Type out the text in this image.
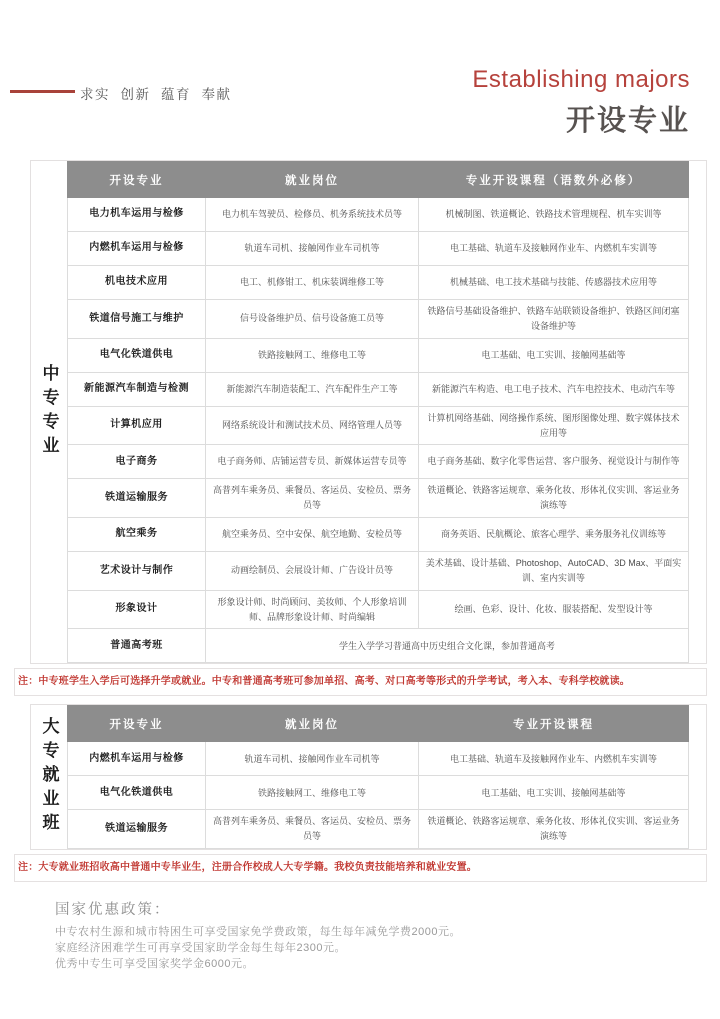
求实  创新  蕴育  奉献
Establishing majors
开设专业
中专专业
开设专业	就业岗位	专业开设课程（语数外必修）
电力机车运用与检修	电力机车驾驶员、检修员、机务系统技术员等	机械制图、铁道概论、铁路技术管理规程、机车实训等
内燃机车运用与检修	轨道车司机、接触网作业车司机等	电工基础、轨道车及接触网作业车、内燃机车实训等
机电技术应用	电工、机修钳工、机床装调维修工等	机械基础、电工技术基础与技能、传感器技术应用等
铁道信号施工与维护	信号设备维护员、信号设备施工员等	铁路信号基础设备维护、铁路车站联锁设备维护、铁路区间闭塞设备维护等
电气化铁道供电	铁路接触网工、维修电工等	电工基础、电工实训、接触网基础等
新能源汽车制造与检测	新能源汽车制造装配工、汽车配件生产工等	新能源汽车构造、电工电子技术、汽车电控技术、电动汽车等
计算机应用	网络系统设计和测试技术员、网络管理人员等	计算机网络基础、网络操作系统、图形图像处理、数字媒体技术应用等
电子商务	电子商务师、店铺运营专员、新媒体运营专员等	电子商务基础、数字化零售运营、客户服务、视觉设计与制作等
铁道运输服务	高普列车乘务员、乘餐员、客运员、安检员、票务员等	铁道概论、铁路客运规章、乘务化妆、形体礼仪实训、客运业务演练等
航空乘务	航空乘务员、空中安保、航空地勤、安检员等	商务英语、民航概论、旅客心理学、乘务服务礼仪训练等
艺术设计与制作	动画绘制员、会展设计师、广告设计员等	美术基础、设计基础、Photoshop、AutoCAD、3D Max、平面实训、室内实训等
形象设计	形象设计师、时尚顾问、美妆师、个人形象培训师、品牌形象设计师、时尚编辑	绘画、色彩、设计、化妆、服装搭配、发型设计等
普通高考班	学生入学学习普通高中历史组合文化课，参加普通高考	
注：中专班学生入学后可选择升学或就业。中专和普通高考班可参加单招、高考、对口高考等形式的升学考试，考入本、专科学校就读。
大专就业班	开设专业	就业岗位	专业开设课程
内燃机车运用与检修	轨道车司机、接触网作业车司机等	电工基础、轨道车及接触网作业车、内燃机车实训等
电气化铁道供电	铁路接触网工、维修电工等	电工基础、电工实训、接触网基础等
铁道运输服务	高普列车乘务员、乘餐员、客运员、安检员、票务员等	铁道概论、铁路客运规章、乘务化妆、形体礼仪实训、客运业务演练等
注：大专就业班招收高中普通中专毕业生，注册合作校成人大专学籍。我校负责技能培养和就业安置。
国家优惠政策：
中专农村生源和城市特困生可享受国家免学费政策，每生每年减免学费2000元。
家庭经济困难学生可再享受国家助学金每生每年2300元。
优秀中专生可享受国家奖学金6000元。
